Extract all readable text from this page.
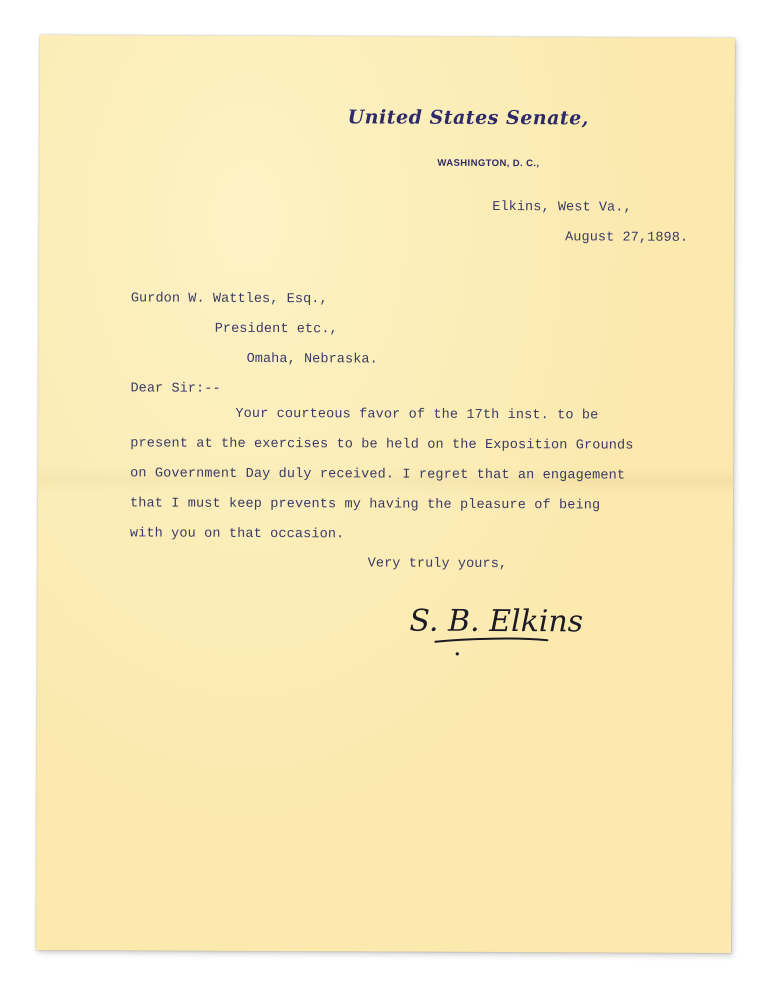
United States Senate,
WASHINGTON, D. C.,
Elkins, West Va.,
August 27,1898.
Gurdon W. Wattles, Esq.,
President etc.,
Omaha, Nebraska.
Dear Sir:--
Your courteous favor of the 17th inst. to be
present at the exercises to be held on the Exposition Grounds
on Government Day duly received. I regret that an engagement
that I must keep prevents my having the pleasure of being
with you on that occasion.
Very truly yours,
S. B. Elkins
